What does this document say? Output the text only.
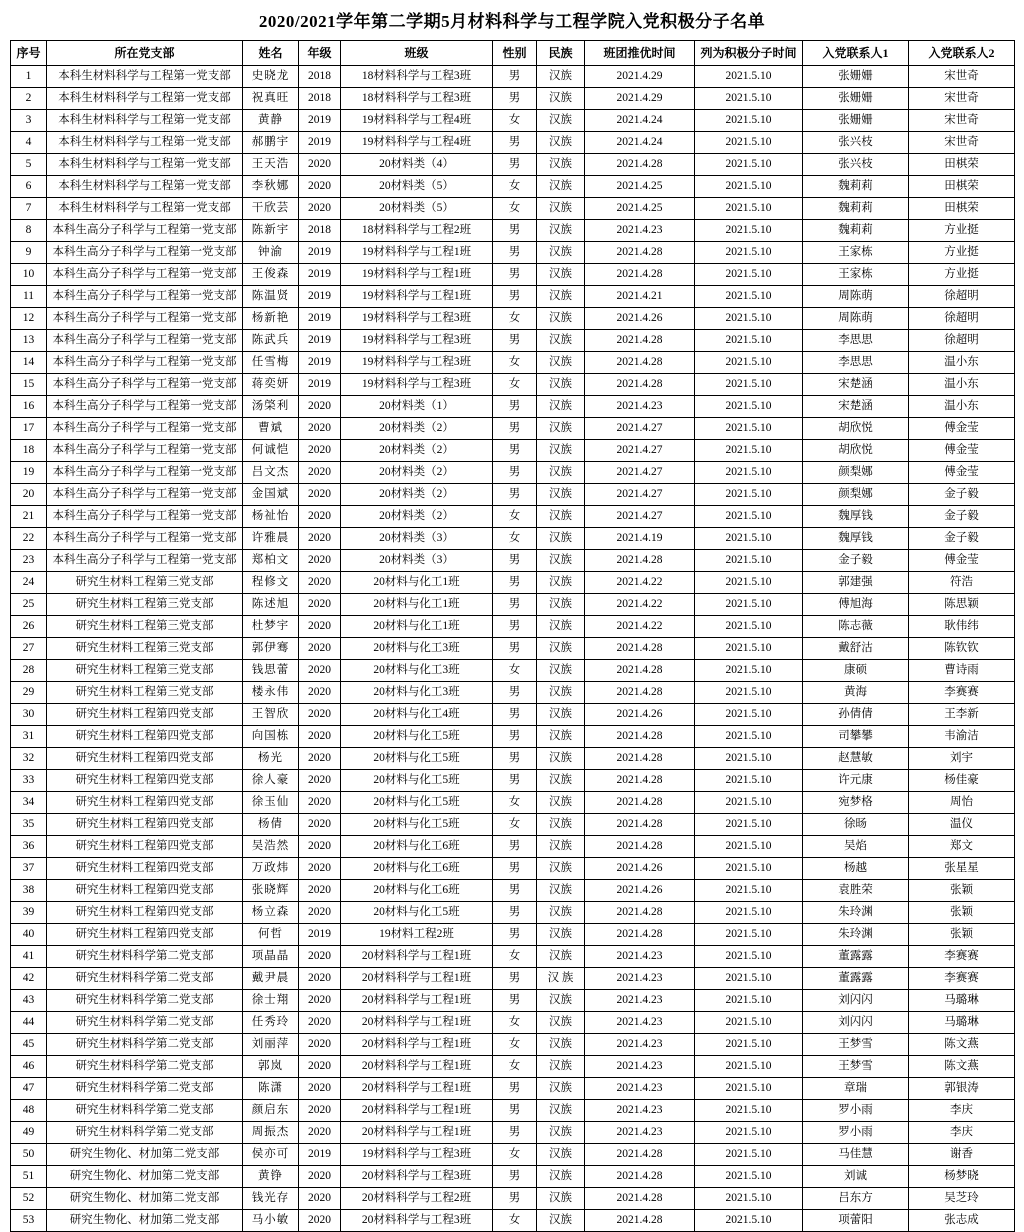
2020/2021学年第二学期5月材料科学与工程学院入党积极分子名单
序号	所在党支部	姓名	年级	班级	性别	民族	班团推优时间	列为积极分子时间	入党联系人1	入党联系人2
1	本科生材料科学与工程第一党支部	史晓龙	2018	18材料科学与工程3班	男	汉族	2021.4.29	2021.5.10	张姗姗	宋世奇
2	本科生材料科学与工程第一党支部	祝真旺	2018	18材料科学与工程3班	男	汉族	2021.4.29	2021.5.10	张姗姗	宋世奇
3	本科生材料科学与工程第一党支部	黄静	2019	19材料科学与工程4班	女	汉族	2021.4.24	2021.5.10	张姗姗	宋世奇
4	本科生材料科学与工程第一党支部	郝鹏宇	2019	19材料科学与工程4班	男	汉族	2021.4.24	2021.5.10	张兴枝	宋世奇
5	本科生材料科学与工程第一党支部	王天浩	2020	20材料类（4）	男	汉族	2021.4.28	2021.5.10	张兴枝	田棋荣
6	本科生材料科学与工程第一党支部	李秋娜	2020	20材料类（5）	女	汉族	2021.4.25	2021.5.10	魏莉莉	田棋荣
7	本科生材料科学与工程第一党支部	干欣芸	2020	20材料类（5）	女	汉族	2021.4.25	2021.5.10	魏莉莉	田棋荣
8	本科生高分子科学与工程第一党支部	陈新宇	2018	18材料科学与工程2班	男	汉族	2021.4.23	2021.5.10	魏莉莉	方业挺
9	本科生高分子科学与工程第一党支部	钟渝	2019	19材料科学与工程1班	男	汉族	2021.4.28	2021.5.10	王家栋	方业挺
10	本科生高分子科学与工程第一党支部	王俊森	2019	19材料科学与工程1班	男	汉族	2021.4.28	2021.5.10	王家栋	方业挺
11	本科生高分子科学与工程第一党支部	陈温贤	2019	19材料科学与工程1班	男	汉族	2021.4.21	2021.5.10	周陈萌	徐超明
12	本科生高分子科学与工程第一党支部	杨新艳	2019	19材料科学与工程3班	女	汉族	2021.4.26	2021.5.10	周陈萌	徐超明
13	本科生高分子科学与工程第一党支部	陈武兵	2019	19材料科学与工程3班	男	汉族	2021.4.28	2021.5.10	李思思	徐超明
14	本科生高分子科学与工程第一党支部	任雪梅	2019	19材料科学与工程3班	女	汉族	2021.4.28	2021.5.10	李思思	温小东
15	本科生高分子科学与工程第一党支部	蒋奕妍	2019	19材料科学与工程3班	女	汉族	2021.4.28	2021.5.10	宋楚涵	温小东
16	本科生高分子科学与工程第一党支部	汤棨利	2020	20材料类（1）	男	汉族	2021.4.23	2021.5.10	宋楚涵	温小东
17	本科生高分子科学与工程第一党支部	曹斌	2020	20材料类（2）	男	汉族	2021.4.27	2021.5.10	胡欣悦	傅金莹
18	本科生高分子科学与工程第一党支部	何诚恺	2020	20材料类（2）	男	汉族	2021.4.27	2021.5.10	胡欣悦	傅金莹
19	本科生高分子科学与工程第一党支部	吕文杰	2020	20材料类（2）	男	汉族	2021.4.27	2021.5.10	颜梨娜	傅金莹
20	本科生高分子科学与工程第一党支部	金国斌	2020	20材料类（2）	男	汉族	2021.4.27	2021.5.10	颜梨娜	金子毅
21	本科生高分子科学与工程第一党支部	杨祉怡	2020	20材料类（2）	女	汉族	2021.4.27	2021.5.10	魏厚钱	金子毅
22	本科生高分子科学与工程第一党支部	许雅晨	2020	20材料类（3）	女	汉族	2021.4.19	2021.5.10	魏厚钱	金子毅
23	本科生高分子科学与工程第一党支部	郑柏文	2020	20材料类（3）	男	汉族	2021.4.28	2021.5.10	金子毅	傅金莹
24	研究生材料工程第三党支部	程修文	2020	20材料与化工1班	男	汉族	2021.4.22	2021.5.10	郭建强	符浩
25	研究生材料工程第三党支部	陈述旭	2020	20材料与化工1班	男	汉族	2021.4.22	2021.5.10	傅旭海	陈思颖
26	研究生材料工程第三党支部	杜梦宇	2020	20材料与化工1班	男	汉族	2021.4.22	2021.5.10	陈志薇	耿伟纬
27	研究生材料工程第三党支部	郭伊骞	2020	20材料与化工3班	男	汉族	2021.4.28	2021.5.10	戴舒沽	陈钦钦
28	研究生材料工程第三党支部	钱思蕾	2020	20材料与化工3班	女	汉族	2021.4.28	2021.5.10	康硕	曹诗雨
29	研究生材料工程第三党支部	楼永伟	2020	20材料与化工3班	男	汉族	2021.4.28	2021.5.10	黄海	李赛赛
30	研究生材料工程第四党支部	王智欣	2020	20材料与化工4班	男	汉族	2021.4.26	2021.5.10	孙倩倩	王李新
31	研究生材料工程第四党支部	向国栋	2020	20材料与化工5班	男	汉族	2021.4.28	2021.5.10	司攀攀	韦渝洁
32	研究生材料工程第四党支部	杨光	2020	20材料与化工5班	男	汉族	2021.4.28	2021.5.10	赵慧敏	刘宇
33	研究生材料工程第四党支部	徐人豪	2020	20材料与化工5班	男	汉族	2021.4.28	2021.5.10	许元康	杨佳豪
34	研究生材料工程第四党支部	徐玉仙	2020	20材料与化工5班	女	汉族	2021.4.28	2021.5.10	宛梦格	周怡
35	研究生材料工程第四党支部	杨倩	2020	20材料与化工5班	女	汉族	2021.4.28	2021.5.10	徐旸	温仪
36	研究生材料工程第四党支部	吴浩然	2020	20材料与化工6班	男	汉族	2021.4.28	2021.5.10	吴焰	郑文
37	研究生材料工程第四党支部	万政炜	2020	20材料与化工6班	男	汉族	2021.4.26	2021.5.10	杨越	张星星
38	研究生材料工程第四党支部	张晓辉	2020	20材料与化工6班	男	汉族	2021.4.26	2021.5.10	袁胜荣	张颖
39	研究生材料工程第四党支部	杨立森	2020	20材料与化工5班	男	汉族	2021.4.28	2021.5.10	朱玲渊	张颖
40	研究生材料工程第四党支部	何哲	2019	19材料工程2班	男	汉族	2021.4.28	2021.5.10	朱玲渊	张颖
41	研究生材料科学第二党支部	项晶晶	2020	20材料科学与工程1班	女	汉族	2021.4.23	2021.5.10	董露露	李赛赛
42	研究生材料科学第二党支部	戴尹晨	2020	20材料科学与工程1班	男	汉 族	2021.4.23	2021.5.10	董露露	李赛赛
43	研究生材料科学第二党支部	徐士翔	2020	20材料科学与工程1班	男	汉族	2021.4.23	2021.5.10	刘闪闪	马璐琳
44	研究生材料科学第二党支部	任秀玲	2020	20材料科学与工程1班	女	汉族	2021.4.23	2021.5.10	刘闪闪	马璐琳
45	研究生材料科学第二党支部	刘丽萍	2020	20材料科学与工程1班	女	汉族	2021.4.23	2021.5.10	王梦雪	陈文燕
46	研究生材料科学第二党支部	郭岚	2020	20材料科学与工程1班	女	汉族	2021.4.23	2021.5.10	王梦雪	陈文燕
47	研究生材料科学第二党支部	陈潇	2020	20材料科学与工程1班	男	汉族	2021.4.23	2021.5.10	章瑞	郭银涛
48	研究生材料科学第二党支部	颜启东	2020	20材料科学与工程1班	男	汉族	2021.4.23	2021.5.10	罗小雨	李庆
49	研究生材料科学第二党支部	周振杰	2020	20材料科学与工程1班	男	汉族	2021.4.23	2021.5.10	罗小雨	李庆
50	研究生物化、材加第二党支部	侯亦可	2019	19材料科学与工程3班	女	汉族	2021.4.28	2021.5.10	马佳慧	谢香
51	研究生物化、材加第二党支部	黄铮	2020	20材料科学与工程3班	男	汉族	2021.4.28	2021.5.10	刘诚	杨梦晓
52	研究生物化、材加第二党支部	钱光存	2020	20材料科学与工程2班	男	汉族	2021.4.28	2021.5.10	吕东方	吴芝玲
53	研究生物化、材加第二党支部	马小敏	2020	20材料科学与工程3班	女	汉族	2021.4.28	2021.5.10	项蕾阳	张志成
